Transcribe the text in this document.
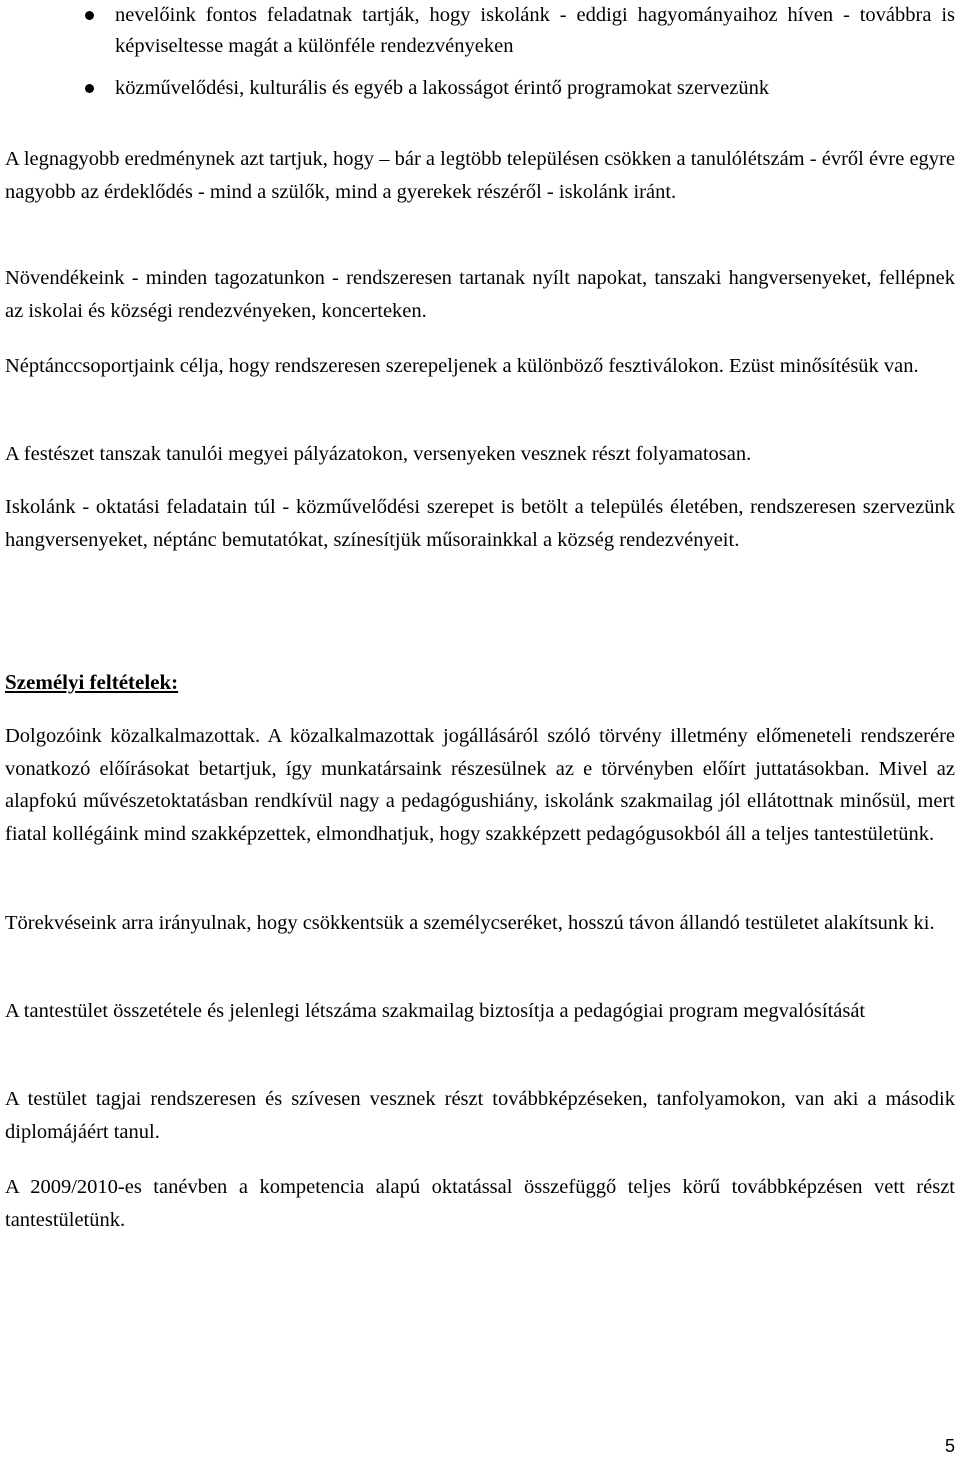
nevelőink fontos feladatnak tartják, hogy iskolánk - eddigi hagyományaihoz híven - továbbra is képviseltesse magát a különféle rendezvényeken
közművelődési, kulturális és egyéb a lakosságot érintő programokat szervezünk

A legnagyobb eredménynek azt tartjuk, hogy – bár a legtöbb településen csökken a tanulólétszám - évről évre egyre nagyobb az érdeklődés - mind a szülők, mind a gyerekek részéről - iskolánk iránt.

Növendékeink - minden tagozatunkon - rendszeresen tartanak nyílt napokat, tanszaki hangversenyeket, fellépnek az iskolai és községi rendezvényeken, koncerteken.

Néptánccsoportjaink célja, hogy rendszeresen szerepeljenek a különböző fesztiválokon. Ezüst minősítésük van.

A festészet tanszak tanulói megyei pályázatokon, versenyeken vesznek részt folyamatosan.

Iskolánk - oktatási feladatain túl - közművelődési szerepet is betölt a település életében, rendszeresen szervezünk hangversenyeket, néptánc bemutatókat, színesítjük műsorainkkal a község rendezvényeit.

Személyi feltételek:

Dolgozóink közalkalmazottak. A közalkalmazottak jogállásáról szóló törvény illetmény előmeneteli rendszerére vonatkozó előírásokat betartjuk, így munkatársaink részesülnek az e törvényben előírt juttatásokban. Mivel az alapfokú művészetoktatásban rendkívül nagy a pedagógushiány, iskolánk szakmailag jól ellátottnak minősül, mert fiatal kollégáink mind szakképzettek, elmondhatjuk, hogy szakképzett pedagógusokból áll a teljes tantestületünk.

Törekvéseink arra irányulnak, hogy csökkentsük a személycseréket, hosszú távon állandó testületet alakítsunk ki.

A tantestület összetétele és jelenlegi létszáma szakmailag biztosítja a pedagógiai program megvalósítását

A testület tagjai rendszeresen és szívesen vesznek részt továbbképzéseken, tanfolyamokon, van aki a második diplomájáért tanul.

A 2009/2010-es tanévben a kompetencia alapú oktatással összefüggő teljes körű továbbképzésen vett részt tantestületünk.

5
